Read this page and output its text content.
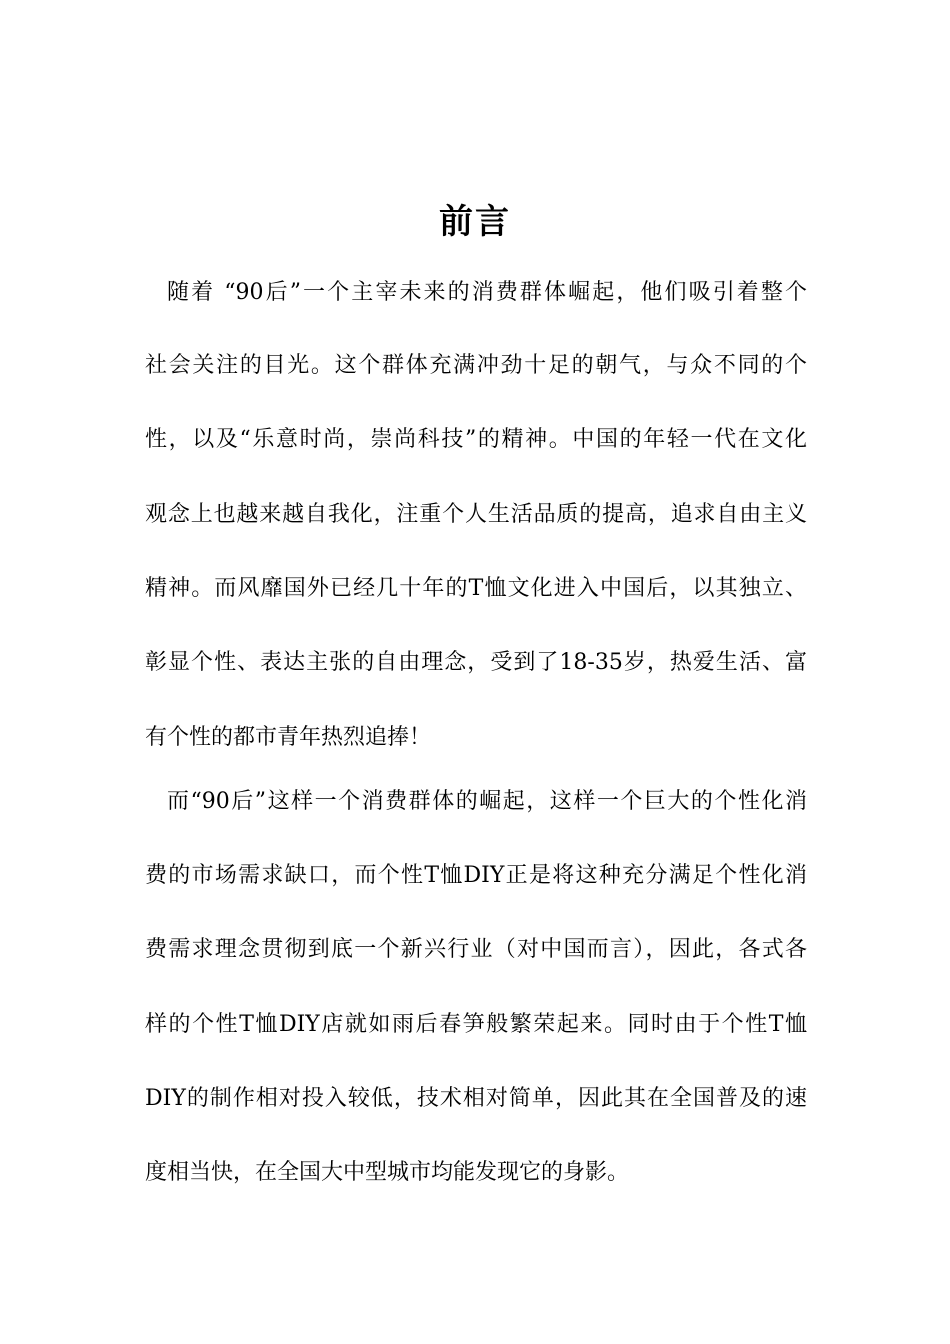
前言
随着 “90后”一个主宰未来的消费群体崛起，他们吸引着整个
社会关注的目光。这个群体充满冲劲十足的朝气，与众不同的个
性，以及“乐意时尚，崇尚科技”的精神。中国的年轻一代在文化
观念上也越来越自我化，注重个人生活品质的提高，追求自由主义
精神。而风靡国外已经几十年的T恤文化进入中国后，以其独立、
彰显个性、表达主张的自由理念，受到了18-35岁，热爱生活、富
有个性的都市青年热烈追捧！
而“90后”这样一个消费群体的崛起，这样一个巨大的个性化消
费的市场需求缺口，而个性T恤DIY正是将这种充分满足个性化消
费需求理念贯彻到底一个新兴行业（对中国而言），因此，各式各
样的个性T恤DIY店就如雨后春笋般繁荣起来。同时由于个性T恤
DIY的制作相对投入较低，技术相对简单，因此其在全国普及的速
度相当快，在全国大中型城市均能发现它的身影。
